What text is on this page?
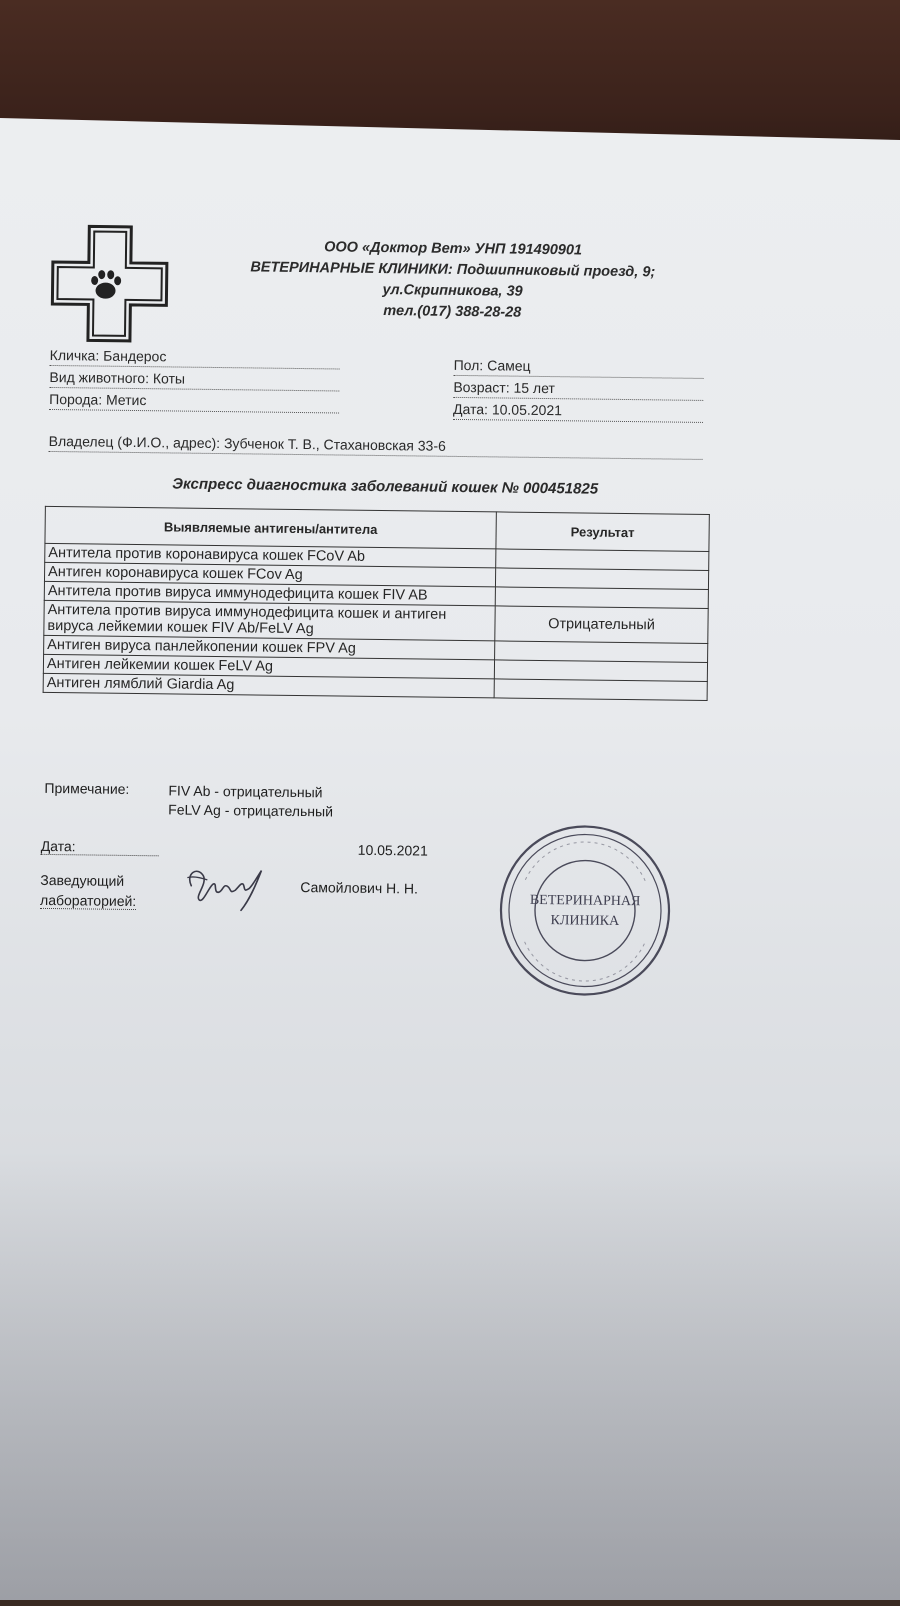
ООО «Доктор Вет» УНП 191490901
ВЕТЕРИНАРНЫЕ КЛИНИКИ: Подшипниковый проезд, 9;
ул.Скрипникова, 39
тел.(017) 388-28-28
Кличка: Бандерос
Вид животного: Коты
Порода: Метис
Пол: Самец
Возраст: 15 лет
Дата: 10.05.2021
Владелец (Ф.И.О., адрес): Зубченок Т. В., Стахановская 33-6
Экспресс диагностика заболеваний кошек № 000451825
Выявляемые антигены/антитела	Результат
Антитела против коронавируса кошек FCoV Ab	
Антиген коронавируса кошек FCov Ag	
Антитела против вируса иммунодефицита кошек FIV AB	
Антитела против вируса иммунодефицита кошек и антиген вируса лейкемии кошек FIV Ab/FeLV Ag	Отрицательный
Антиген вируса панлейкопении кошек FPV Ag	
Антиген лейкемии кошек FeLV Ag	
Антиген лямблий Giardia Ag	
Примечание:	FIV Ab - отрицательный
FeLV Ag - отрицательный
Дата:	10.05.2021
Заведующий
лабораторией:
Самойлович Н. Н.
ВЕТЕРИНАРНАЯ
КЛИНИКА
